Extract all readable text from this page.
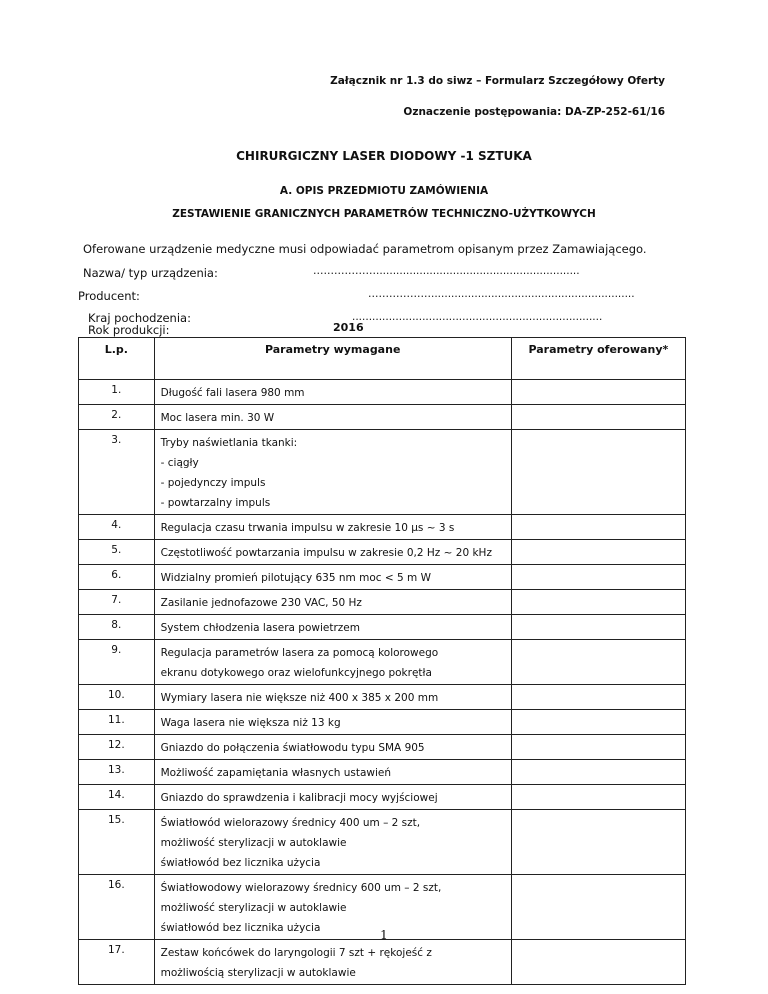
Załącznik nr 1.3 do siwz – Formularz Szczegółowy Oferty
Oznaczenie postępowania: DA-ZP-252-61/16
CHIRURGICZNY LASER DIODOWY -1 SZTUKA
A. OPIS PRZEDMIOTU ZAMÓWIENIA
ZESTAWIENIE GRANICZNYCH PARAMETRÓW TECHNICZNO-UŻYTKOWYCH
Oferowane urządzenie medyczne musi odpowiadać parametrom opisanym przez Zamawiającego.
Nazwa/ typ urządzenia:	……………….............................................................
Producent:	……………….............................................................
Kraj pochodzenia:	...........................................................................
Rok produkcji:	2016
L.p.	Parametry wymagane	Parametry oferowany*
1.	Długość fali lasera 980 mm	

2.	Moc lasera min. 30 W	

3.	Tryby naświetlania tkanki:
- ciągły
- pojedynczy impuls
- powtarzalny impuls	

4.	Regulacja czasu trwania impulsu w zakresie 10 μs ~ 3 s	

5.	Częstotliwość powtarzania impulsu w zakresie 0,2 Hz ~ 20 kHz	

6.	Widzialny promień pilotujący 635 nm moc < 5 m W	

7.	Zasilanie jednofazowe 230 VAC, 50 Hz	

8.	System chłodzenia lasera powietrzem	

9.	Regulacja parametrów lasera za pomocą kolorowego
ekranu dotykowego oraz wielofunkcyjnego pokrętła	

10.	Wymiary lasera nie większe niż 400 x 385 x 200 mm	

11.	Waga lasera nie większa niż 13 kg	

12.	Gniazdo do połączenia światłowodu typu SMA 905	

13.	Możliwość zapamiętania własnych ustawień	

14.	Gniazdo do sprawdzenia i kalibracji mocy wyjściowej	

15.	Światłowód wielorazowy średnicy 400 um – 2 szt,
możliwość sterylizacji w autoklawie
światłowód bez licznika użycia	

16.	Światłowodowy wielorazowy średnicy 600 um – 2 szt,
możliwość sterylizacji w autoklawie
światłowód bez licznika użycia	

17.	Zestaw końcówek do laryngologii 7 szt + rękojeść z
możliwością sterylizacji w autoklawie	

1
